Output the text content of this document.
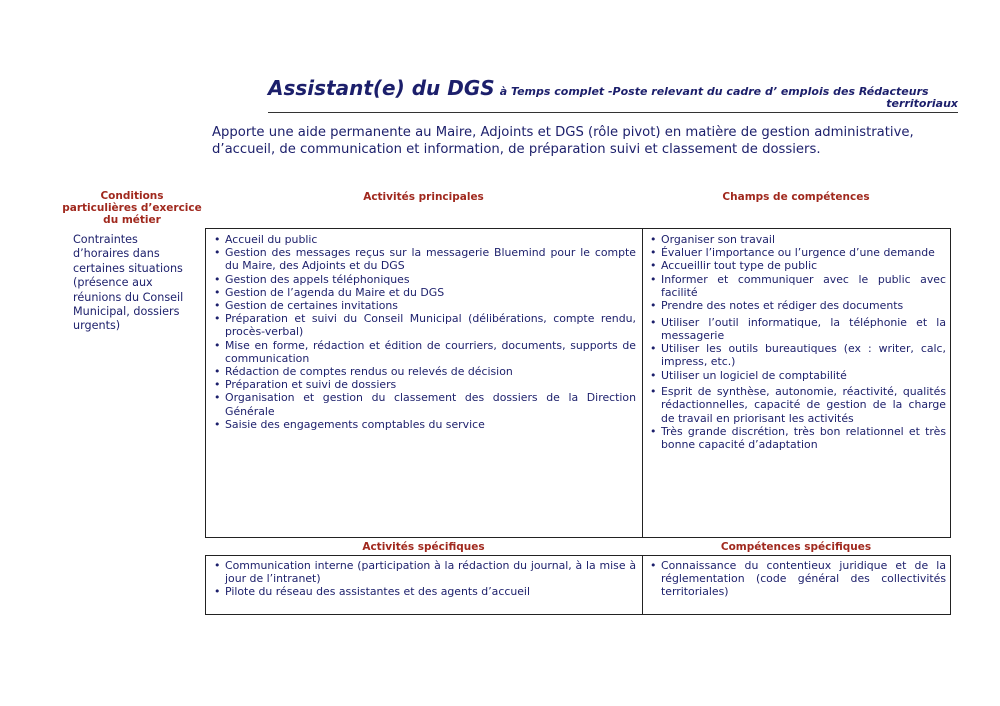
Assistant(e) du DGS à Temps complet -Poste relevant du cadre d’ emplois des Rédacteurs
territoriaux
Apporte une aide permanente au Maire, Adjoints et DGS (rôle pivot) en matière de gestion administrative, d’accueil, de communication et information, de préparation suivi et classement de dossiers.
Conditions particulières d’exercice du métier
Activités principales	Champs de compétences
Contraintes d’horaires dans certaines situations (présence aux réunions du Conseil Municipal, dossiers urgents)
• Accueil du public
• Gestion des messages reçus sur la messagerie Bluemind pour le compte du Maire, des Adjoints et du DGS
• Gestion des appels téléphoniques
• Gestion de l’agenda du Maire et du DGS
• Gestion de certaines invitations
• Préparation et suivi du Conseil Municipal (délibérations, compte rendu, procès-verbal)
• Mise en forme, rédaction et édition de courriers, documents, supports de communication
• Rédaction de comptes rendus ou relevés de décision
• Préparation et suivi de dossiers
• Organisation et gestion du classement des dossiers de la Direction Générale
• Saisie des engagements comptables du service
• Organiser son travail
• Évaluer l’importance ou l’urgence d’une demande
• Accueillir tout type de public
• Informer et communiquer avec le public avec facilité
• Prendre des notes et rédiger des documents
• Utiliser l’outil informatique, la téléphonie et la messagerie
• Utiliser les outils bureautiques (ex : writer, calc, impress, etc.)
• Utiliser un logiciel de comptabilité
• Esprit de synthèse, autonomie, réactivité, qualités rédactionnelles, capacité de gestion de la charge de travail en priorisant les activités
• Très grande discrétion, très bon relationnel et très bonne capacité d’adaptation
Activités spécifiques	Compétences spécifiques
• Communication interne (participation à la rédaction du journal, à la mise à jour de l’intranet)
• Pilote du réseau des assistantes et des agents d’accueil
• Connaissance du contentieux juridique et de la réglementation (code général des collectivités territoriales)
